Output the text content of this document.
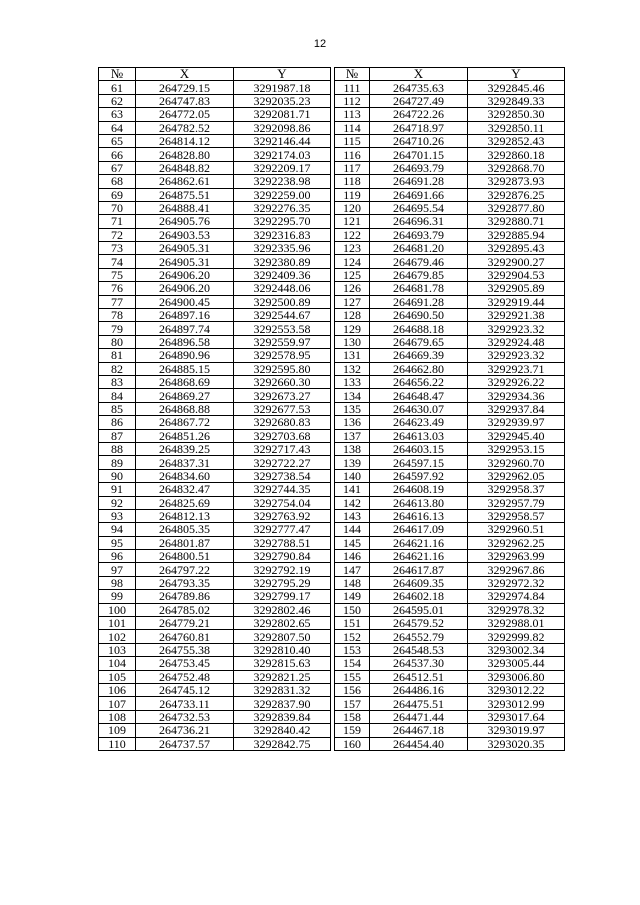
12
№	X	Y		№	X	Y
61	264729.15	3291987.18		111	264735.63	3292845.46
62	264747.83	3292035.23		112	264727.49	3292849.33
63	264772.05	3292081.71		113	264722.26	3292850.30
64	264782.52	3292098.86		114	264718.97	3292850.11
65	264814.12	3292146.44		115	264710.26	3292852.43
66	264828.80	3292174.03		116	264701.15	3292860.18
67	264848.82	3292209.17		117	264693.79	3292868.70
68	264862.61	3292238.98		118	264691.28	3292873.93
69	264875.51	3292259.00		119	264691.66	3292876.25
70	264888.41	3292276.35		120	264695.54	3292877.80
71	264905.76	3292295.70		121	264696.31	3292880.71
72	264903.53	3292316.83		122	264693.79	3292885.94
73	264905.31	3292335.96		123	264681.20	3292895.43
74	264905.31	3292380.89		124	264679.46	3292900.27
75	264906.20	3292409.36		125	264679.85	3292904.53
76	264906.20	3292448.06		126	264681.78	3292905.89
77	264900.45	3292500.89		127	264691.28	3292919.44
78	264897.16	3292544.67		128	264690.50	3292921.38
79	264897.74	3292553.58		129	264688.18	3292923.32
80	264896.58	3292559.97		130	264679.65	3292924.48
81	264890.96	3292578.95		131	264669.39	3292923.32
82	264885.15	3292595.80		132	264662.80	3292923.71
83	264868.69	3292660.30		133	264656.22	3292926.22
84	264869.27	3292673.27		134	264648.47	3292934.36
85	264868.88	3292677.53		135	264630.07	3292937.84
86	264867.72	3292680.83		136	264623.49	3292939.97
87	264851.26	3292703.68		137	264613.03	3292945.40
88	264839.25	3292717.43		138	264603.15	3292953.15
89	264837.31	3292722.27		139	264597.15	3292960.70
90	264834.60	3292738.54		140	264597.92	3292962.05
91	264832.47	3292744.35		141	264608.19	3292958.37
92	264825.69	3292754.04		142	264613.80	3292957.79
93	264812.13	3292763.92		143	264616.13	3292958.57
94	264805.35	3292777.47		144	264617.09	3292960.51
95	264801.87	3292788.51		145	264621.16	3292962.25
96	264800.51	3292790.84		146	264621.16	3292963.99
97	264797.22	3292792.19		147	264617.87	3292967.86
98	264793.35	3292795.29		148	264609.35	3292972.32
99	264789.86	3292799.17		149	264602.18	3292974.84
100	264785.02	3292802.46		150	264595.01	3292978.32
101	264779.21	3292802.65		151	264579.52	3292988.01
102	264760.81	3292807.50		152	264552.79	3292999.82
103	264755.38	3292810.40		153	264548.53	3293002.34
104	264753.45	3292815.63		154	264537.30	3293005.44
105	264752.48	3292821.25		155	264512.51	3293006.80
106	264745.12	3292831.32		156	264486.16	3293012.22
107	264733.11	3292837.90		157	264475.51	3293012.99
108	264732.53	3292839.84		158	264471.44	3293017.64
109	264736.21	3292840.42		159	264467.18	3293019.97
110	264737.57	3292842.75		160	264454.40	3293020.35
